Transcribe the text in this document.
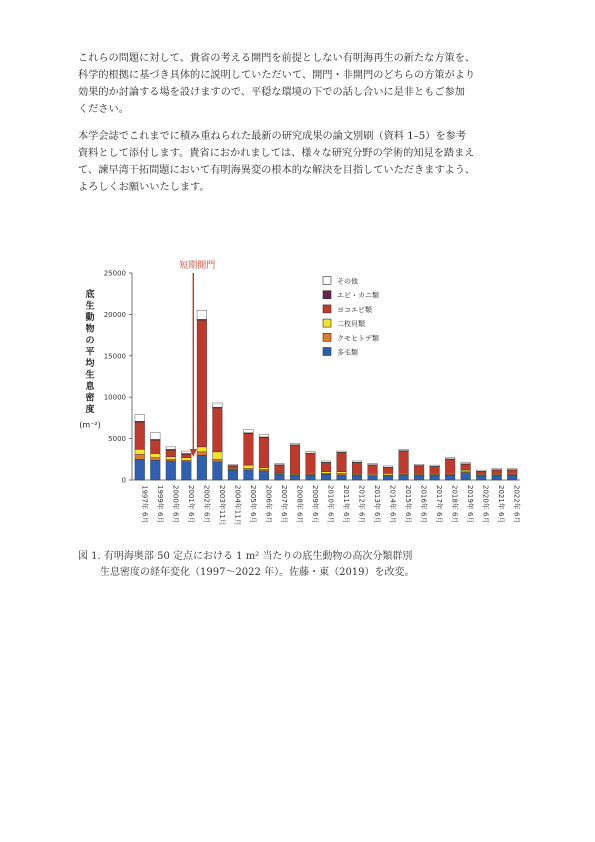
これらの問題に対して、貴省の考える開門を前提としない有明海再生の新たな方策を、
科学的根拠に基づき具体的に説明していただいて、開門・非開門のどちらの方策がより
効果的か討論する場を設けますので、平穏な環境の下での話し合いに是非ともご参加
ください。
本学会誌でこれまでに積み重ねられた最新の研究成果の論文別刷（資料 1–5）を参考
資料として添付します。貴省におかれましては、様々な研究分野の学術的知見を踏まえ
て、諫早湾干拓問題において有明海異変の根本的な解決を目指していただきますよう、
よろしくお願いいたします。
0
5000
10000
15000
20000
25000
底
生
動
物
の
平
均
生
息
密
度
(m⁻²)
1997年 6月 1999年 6月 2000年 6月 2001年 6月 2002年 6月 2003年11月 2004年11月 2005年 6月 2006年 6月 2007年 6月 2008年 6月 2009年 6月 2010年 6月 2011年 6月 2012年 6月 2013年 6月 2014年 6月 2015年 6月 2016年 6月 2017年 6月 2018年 6月 2019年 6月 2020年 6月 2021年 6月 2022年 6月
短期開門
その他
エビ・カニ類
ヨコエビ類
二枚貝類
クモヒトデ類
多毛類
図 1. 有明海奥部 50 定点における 1 m² 当たりの底生動物の高次分類群別
生息密度の経年変化（1997〜2022 年）。佐藤・東（2019）を改変。
